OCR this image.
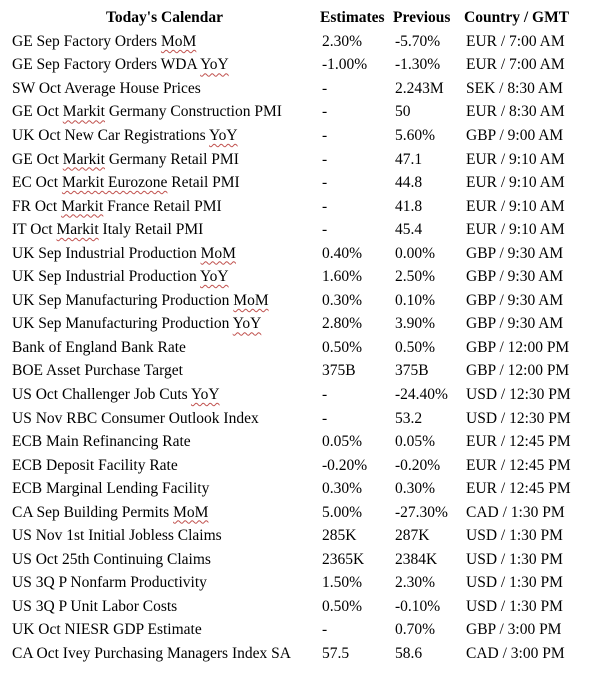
Today's Calendar	Estimates	Previous	Country / GMT
GE Sep Factory Orders MoM	2.30%	-5.70%	EUR / 7:00 AM
GE Sep Factory Orders WDA YoY	-1.00%	-1.30%	EUR / 7:00 AM
SW Oct Average House Prices	-	2.243M	SEK / 8:30 AM
GE Oct Markit Germany Construction PMI	-	50	EUR / 8:30 AM
UK Oct New Car Registrations YoY	-	5.60%	GBP / 9:00 AM
GE Oct Markit Germany Retail PMI	-	47.1	EUR / 9:10 AM
EC Oct Markit Eurozone Retail PMI	-	44.8	EUR / 9:10 AM
FR Oct Markit France Retail PMI	-	41.8	EUR / 9:10 AM
IT Oct Markit Italy Retail PMI	-	45.4	EUR / 9:10 AM
UK Sep Industrial Production MoM	0.40%	0.00%	GBP / 9:30 AM
UK Sep Industrial Production YoY	1.60%	2.50%	GBP / 9:30 AM
UK Sep Manufacturing Production MoM	0.30%	0.10%	GBP / 9:30 AM
UK Sep Manufacturing Production YoY	2.80%	3.90%	GBP / 9:30 AM
Bank of England Bank Rate	0.50%	0.50%	GBP / 12:00 PM
BOE Asset Purchase Target	375B	375B	GBP / 12:00 PM
US Oct Challenger Job Cuts YoY	-	-24.40%	USD / 12:30 PM
US Nov RBC Consumer Outlook Index	-	53.2	USD / 12:30 PM
ECB Main Refinancing Rate	0.05%	0.05%	EUR / 12:45 PM
ECB Deposit Facility Rate	-0.20%	-0.20%	EUR / 12:45 PM
ECB Marginal Lending Facility	0.30%	0.30%	EUR / 12:45 PM
CA Sep Building Permits MoM	5.00%	-27.30%	CAD / 1:30 PM
US Nov 1st Initial Jobless Claims	285K	287K	USD / 1:30 PM
US Oct 25th Continuing Claims	2365K	2384K	USD / 1:30 PM
US 3Q P Nonfarm Productivity	1.50%	2.30%	USD / 1:30 PM
US 3Q P Unit Labor Costs	0.50%	-0.10%	USD / 1:30 PM
UK Oct NIESR GDP Estimate	-	0.70%	GBP / 3:00 PM
CA Oct Ivey Purchasing Managers Index SA	57.5	58.6	CAD / 3:00 PM
